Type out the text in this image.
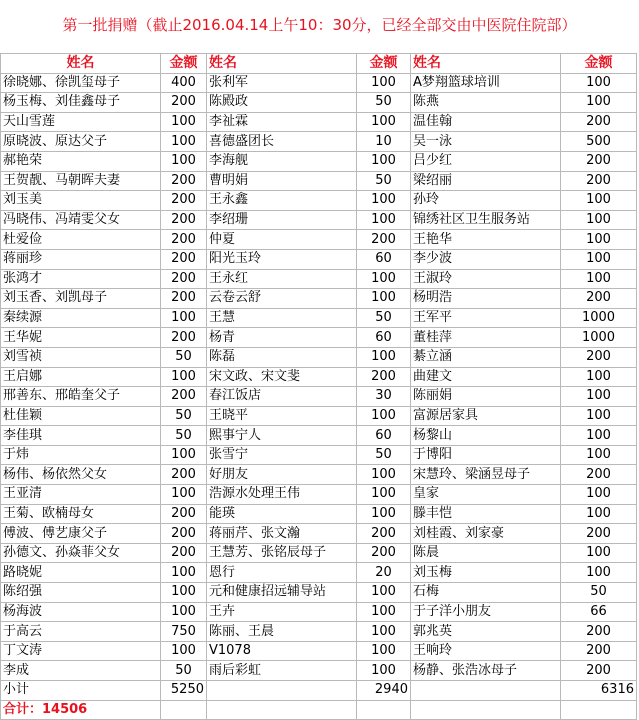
第一批捐赠（截止2016.04.14上午10：30分，已经全部交由中医院住院部）
姓名	金额	姓名	金额	姓名	金额
徐晓娜、徐凯玺母子	400	张利军	100	A梦翔篮球培训	100
杨玉梅、刘佳鑫母子	200	陈殿政	50	陈燕	100
天山雪莲	100	李祉霖	100	温佳翰	200
原晓波、原达父子	100	喜德盛团长	10	吴一泳	500
郝艳荣	100	李海舰	100	吕少红	200
王贺靓、马朝晖夫妻	200	曹明娟	50	梁绍丽	200
刘玉美	200	王永鑫	100	孙玲	100
冯晓伟、冯靖雯父女	200	李绍珊	100	锦绣社区卫生服务站	100
杜爱俭	200	仲夏	200	王艳华	100
蒋丽珍	200	阳光玉玲	60	李少波	100
张鸿才	200	王永红	100	王淑玲	100
刘玉香、刘凯母子	200	云卷云舒	100	杨明浩	200
秦续源	100	王慧	50	王军平	1000
王华妮	200	杨青	60	董桂萍	1000
刘雪祯	50	陈磊	100	綦立涵	200
王启娜	100	宋文政、宋文斐	200	曲建文	100
邢善东、邢皓奎父子	200	春江饭店	30	陈丽娟	100
杜佳颖	50	王晓平	100	富源居家具	100
李佳琪	50	熙事宁人	60	杨黎山	100
于炜	100	张雪宁	50	于博阳	100
杨伟、杨依然父女	200	好朋友	100	宋慧玲、梁涵昱母子	200
王亚清	100	浩源水处理王伟	100	皇家	100
王菊、欧楠母女	200	能瑛	100	滕丰恺	100
傅波、傅艺康父子	200	蒋丽芹、张文瀚	200	刘桂霞、刘家豪	200
孙德文、孙焱菲父女	200	王慧芳、张铭辰母子	200	陈晨	100
路晓妮	100	恩行	20	刘玉梅	100
陈绍强	100	元和健康招远辅导站	100	石梅	50
杨海波	100	王卉	100	于子洋小朋友	66
于高云	750	陈丽、王晨	100	郭兆英	200
丁文涛	100	V1078	100	王响玲	200
李成	50	雨后彩虹	100	杨静、张浩冰母子	200
小计	5250		2940		6316
合计：14506					
